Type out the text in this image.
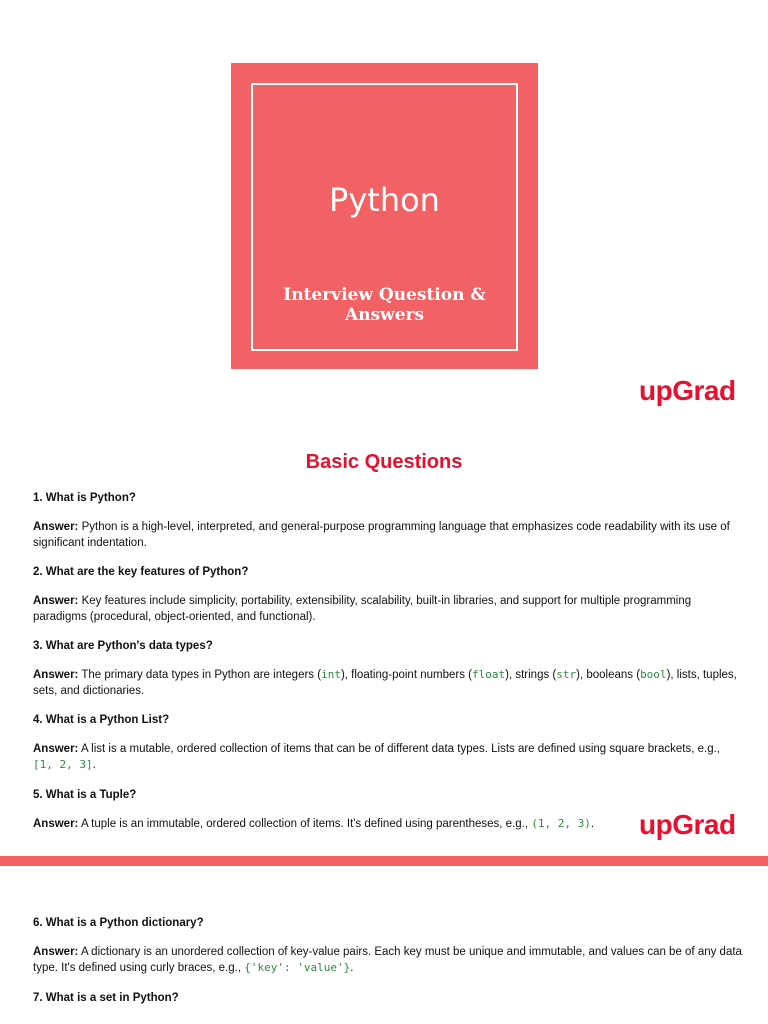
Python
Interview Question &
Answers
upGrad
Basic Questions
1. What is Python?
Answer: Python is a high-level, interpreted, and general-purpose programming language that emphasizes code readability with its use of significant indentation.
2. What are the key features of Python?
Answer: Key features include simplicity, portability, extensibility, scalability, built-in libraries, and support for multiple programming paradigms (procedural, object-oriented, and functional).
3. What are Python's data types?
Answer: The primary data types in Python are integers (int), floating-point numbers (float), strings (str), booleans (bool), lists, tuples, sets, and dictionaries.
4. What is a Python List?
Answer: A list is a mutable, ordered collection of items that can be of different data types. Lists are defined using square brackets, e.g., [1, 2, 3].
5. What is a Tuple?
Answer: A tuple is an immutable, ordered collection of items. It's defined using parentheses, e.g., (1, 2, 3).	upGrad
6. What is a Python dictionary?
Answer: A dictionary is an unordered collection of key-value pairs. Each key must be unique and immutable, and values can be of any data type. It's defined using curly braces, e.g., {'key': 'value'}.
7. What is a set in Python?
